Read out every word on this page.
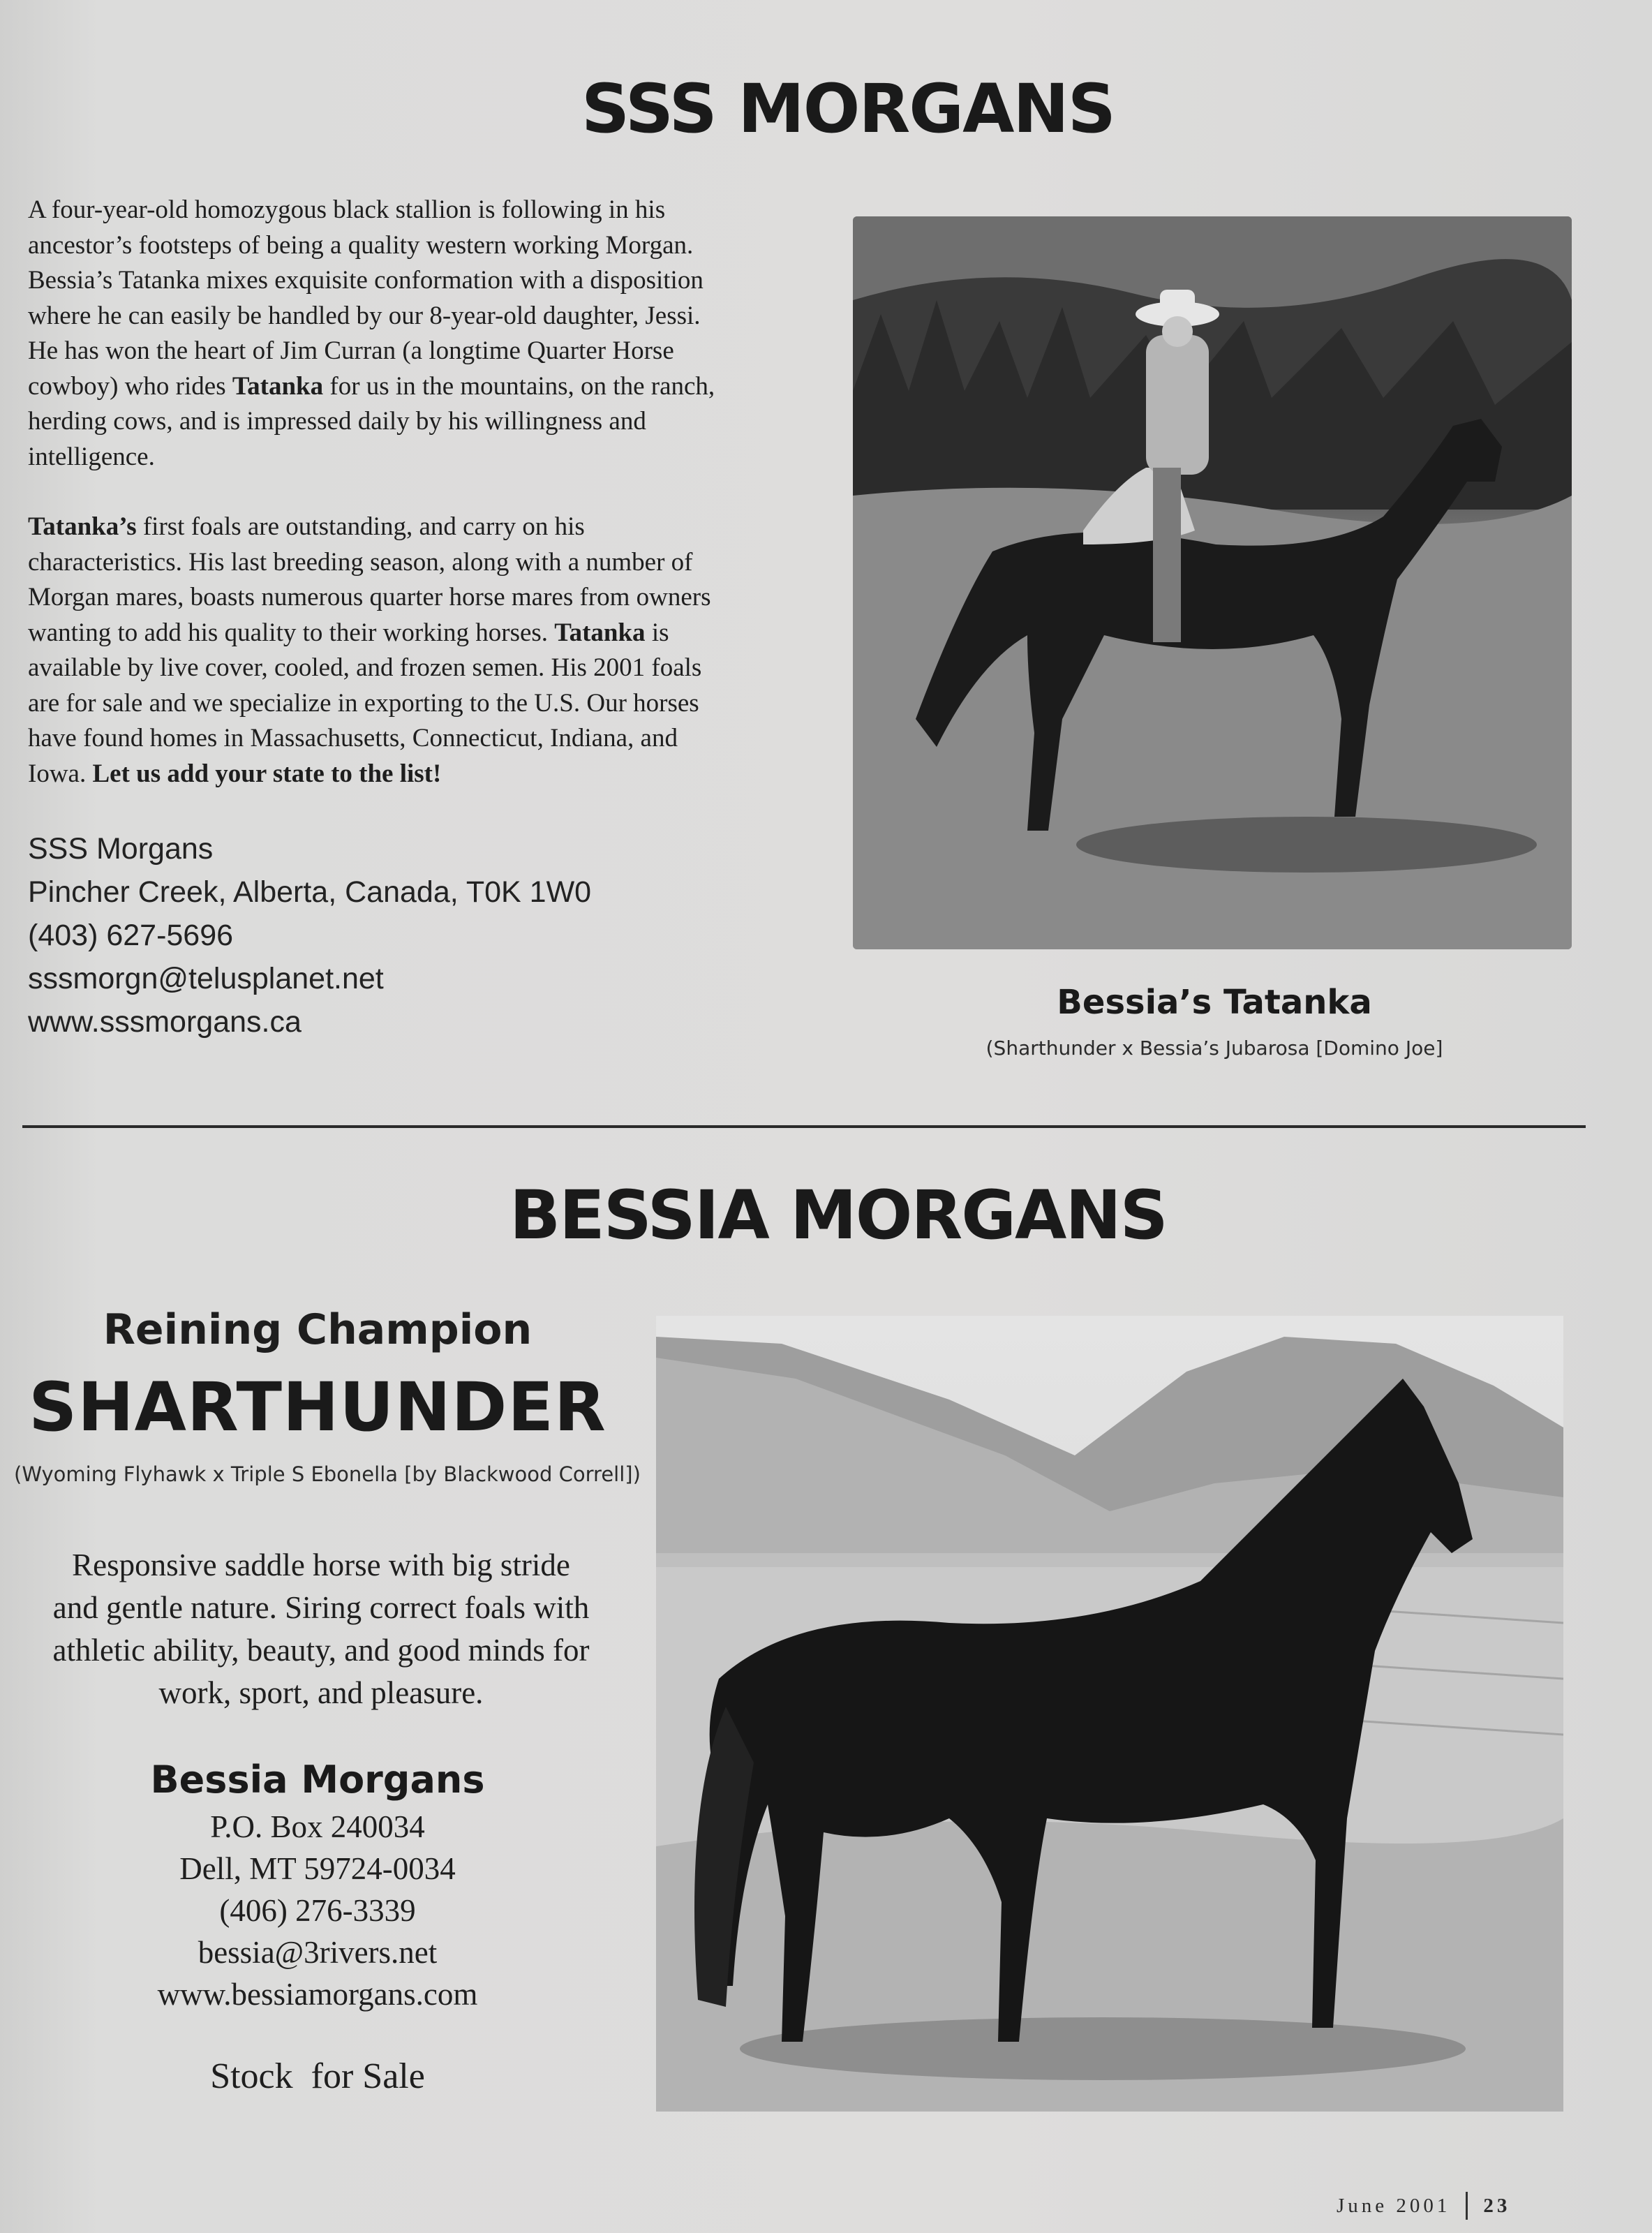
SSS MORGANS

A four-year-old homozygous black stallion is following in his

ancestor’s footsteps of being a quality western working Morgan.

Bessia’s Tatanka mixes exquisite conformation with a disposition

where he can easily be handled by our 8-year-old daughter, Jessi.

He has won the heart of Jim Curran (a longtime Quarter Horse

cowboy) who rides Tatanka for us in the mountains, on the ranch,

herding cows, and is impressed daily by his willingness and

intelligence.

Tatanka’s first foals are outstanding, and carry on his

characteristics. His last breeding season, along with a number of

Morgan mares, boasts numerous quarter horse mares from owners

wanting to add his quality to their working horses. Tatanka is

available by live cover, cooled, and frozen semen. His 2001 foals

are for sale and we specialize in exporting to the U.S. Our horses

have found homes in Massachusetts, Connecticut, Indiana, and

Iowa. Let us add your state to the list!

SSS Morgans
Pincher Creek, Alberta, Canada, T0K 1W0
(403) 627-5696
sssmorgn@telusplanet.net
www.sssmorgans.ca	Bessia’s Tatanka
(Sharthunder x Bessia’s Jubarosa [Domino Joe]
BESSIA MORGANS
Reining Champion
SHARTHUNDER
(Wyoming Flyhawk x Triple S Ebonella [by Blackwood Correll])
Responsive saddle horse with big stride
and gentle nature. Siring correct foals with
athletic ability, beauty, and good minds for
work, sport, and pleasure.
Bessia Morgans
P.O. Box 240034
Dell, MT 59724-0034
(406) 276-3339
bessia@3rivers.net
www.bessiamorgans.com
Stock  for Sale
June 2001 23
